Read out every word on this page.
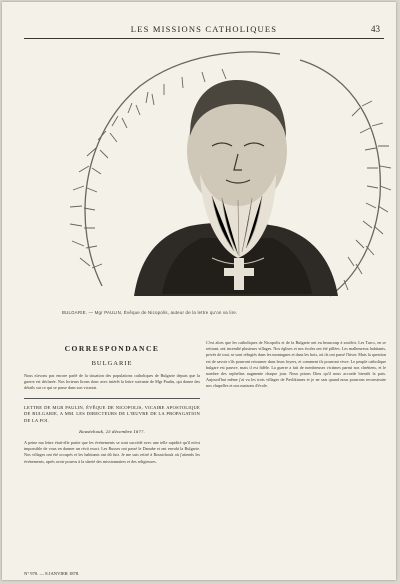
LES MISSIONS CATHOLIQUES	43
BULGARIE. — Mgr PAULIN, Évêque de Nicopolis, auteur de la lettre qu'on va lire.
CORRESPONDANCE
BULGARIE

Nous n'avons pas encore parlé de la situation des populations catholiques de Bulgarie depuis que la guerre est déclarée. Nos lecteurs lirons donc avec intérêt la lettre suivante de Mgr Paulin, qui donne des détails sur ce qui se passe dans son vicariat.

LETTRE DE MGR PAULIN, ÉVÊQUE DE NICOPOLIS, VICAIRE APOSTOLIQUE DE BULGARIE, A MM. LES DIRECTEURS DE L'ŒUVRE DE LA PROPAGATION DE LA FOI.
Roustchouk, 25 décembre 1877.

A peine ma lettre était-elle partie que les événements se sont succédé avec une telle rapidité qu'il m'est impossible de vous en donner un récit exact. Les Russes ont passé le Danube et ont envahi la Bulgarie. Nos villages ont été occupés et les habitants ont dû fuir. Je me suis retiré à Roustchouk où j'attends les événements, après avoir pourvu à la sûreté des missionnaires et des religieuses.

C'est alors que les catholiques de Nicopolis et de la Bulgarie ont eu beaucoup à souffrir. Les Turcs, en se retirant, ont incendié plusieurs villages. Nos églises et nos écoles ont été pillées. Les malheureux habitants, privés de tout, se sont réfugiés dans les montagnes et dans les bois, où ils ont passé l'hiver. Mais la question est de savoir s'ils pourront retourner dans leurs foyers, et comment ils pourront vivre. Le peuple catholique bulgare est pauvre, mais il est fidèle. La guerre a fait de nombreuses victimes parmi nos chrétiens, et le nombre des orphelins augmente chaque jour. Nous prions Dieu qu'il nous accorde bientôt la paix. Aujourd'hui même j'ai vu les trois villages de Pavlikianes et je ne sais quand nous pourrons reconstruire nos chapelles et nos maisons d'école.

N° 970. — 8 JANVIER 1878.
